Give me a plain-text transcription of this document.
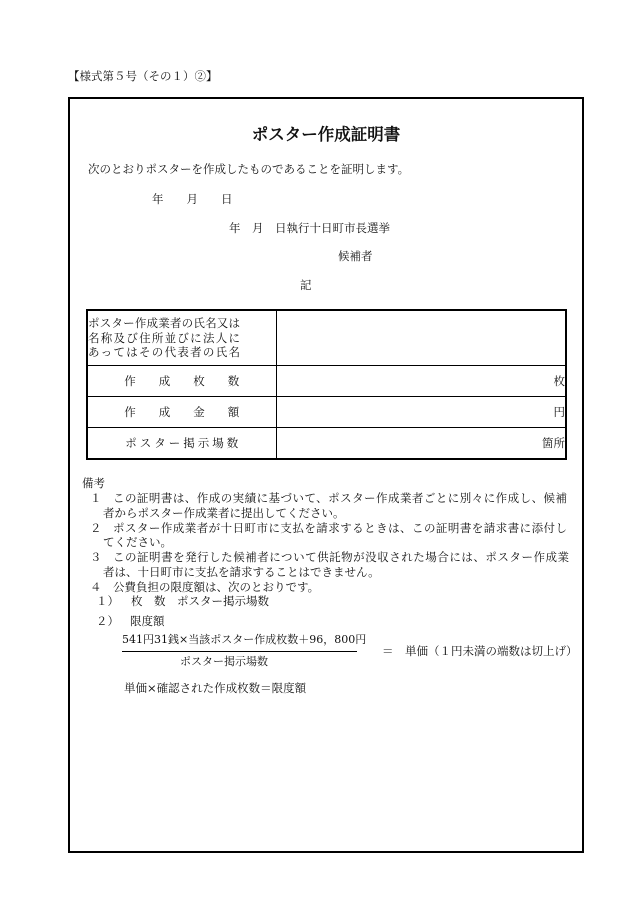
【様式第５号（その１）②】
ポスター作成証明書
次のとおりポスターを作成したものであることを証明します。
年　　月　　日
年　月　日執行十日町市長選挙
候補者
記
ポスター作成業者の氏名又は
名称及び住所並びに法人に
あってはその代表者の氏名	

作　　成　　枚　　数	枚
作　　成　　金　　額	円
ポスター掲示場数	箇所
備考
１ この証明書は、作成の実績に基づいて、ポスター作成業者ごとに別々に作成し、候補
者からポスター作成業者に提出してください。
２ ポスター作成業者が十日町市に支払を請求するときは、この証明書を請求書に添付し
てください。
３ この証明書を発行した候補者について供託物が没収された場合には、ポスター作成業
者は、十日町市に支払を請求することはできません。
４ 公費負担の限度額は、次のとおりです。
１） 枚　数　ポスター掲示場数
２） 限度額
541円31銭×当該ポスター作成枚数＋96，800円
ポスター掲示場数
＝　単価（１円未満の端数は切上げ）
単価×確認された作成枚数＝限度額
